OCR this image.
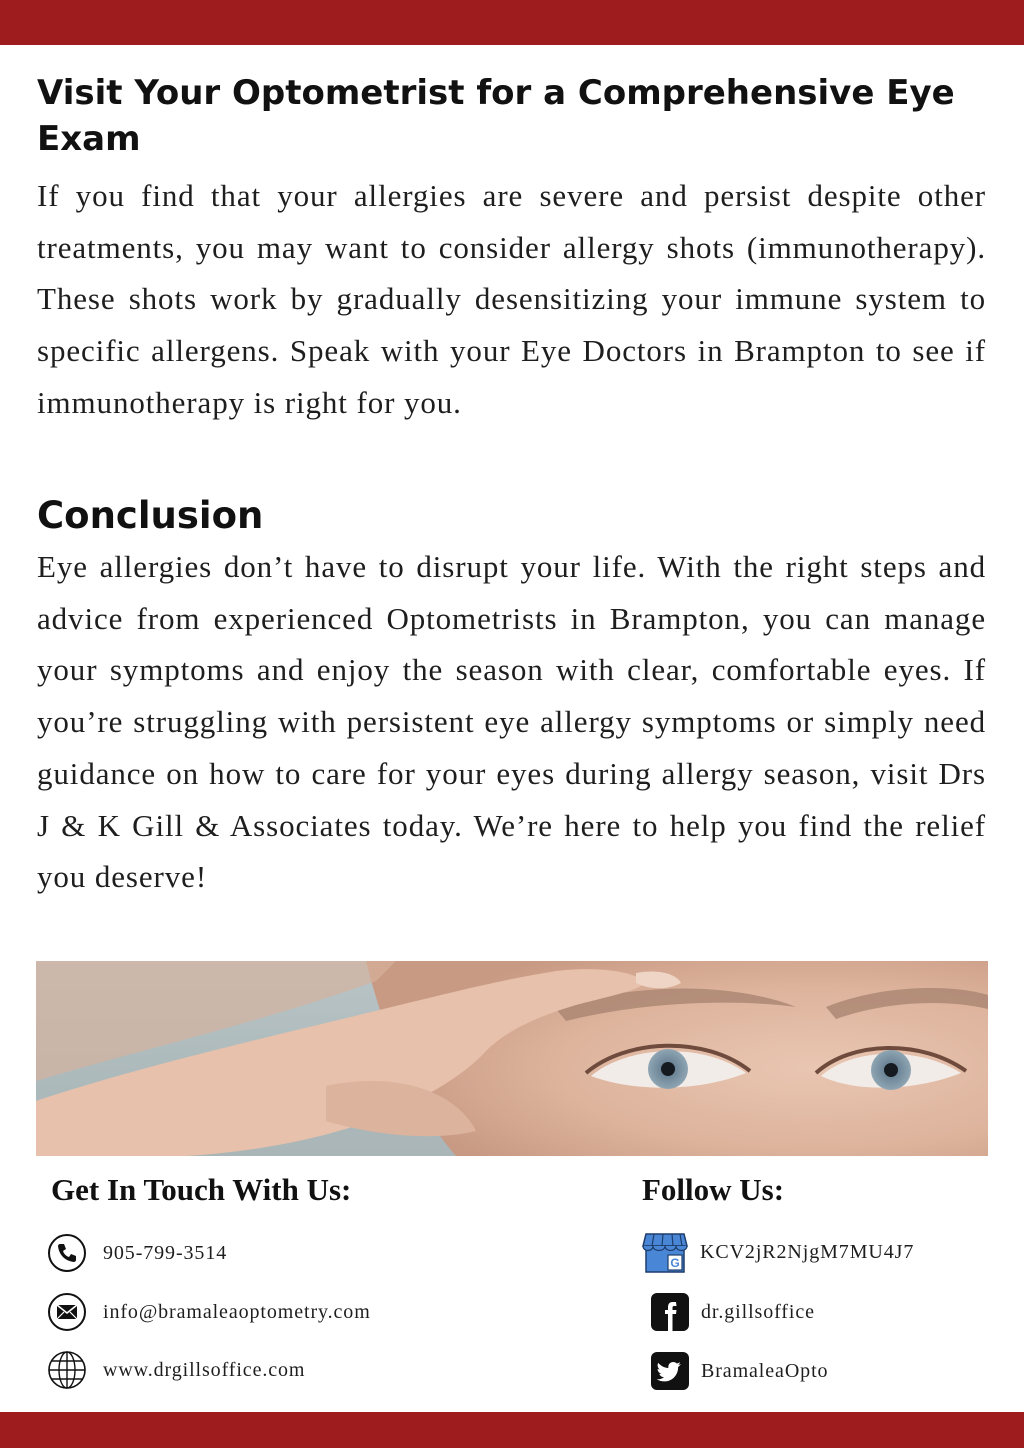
Visit Your Optometrist for a Comprehensive Eye Exam

If you find that your allergies are severe and persist despite other treatments, you may want to consider allergy shots (immunotherapy). These shots work by gradually desensitizing your immune system to specific allergens. Speak with your Eye Doctors in Brampton to see if immunotherapy is right for you.

Conclusion

Eye allergies don’t have to disrupt your life. With the right steps and advice from experienced Optometrists in Brampton, you can manage your symptoms and enjoy the season with clear, comfortable eyes. If you’re struggling with persistent eye allergy symptoms or simply need guidance on how to care for your eyes during allergy season, visit Drs J & K Gill & Associates today. We’re here to help you find the relief you deserve!

Get In Touch With Us:	Follow Us:
905-799-3514
info@bramaleaoptometry.com
www.drgillsoffice.com
G
KCV2jR2NjgM7MU4J7
dr.gillsoffice
BramaleaOpto
